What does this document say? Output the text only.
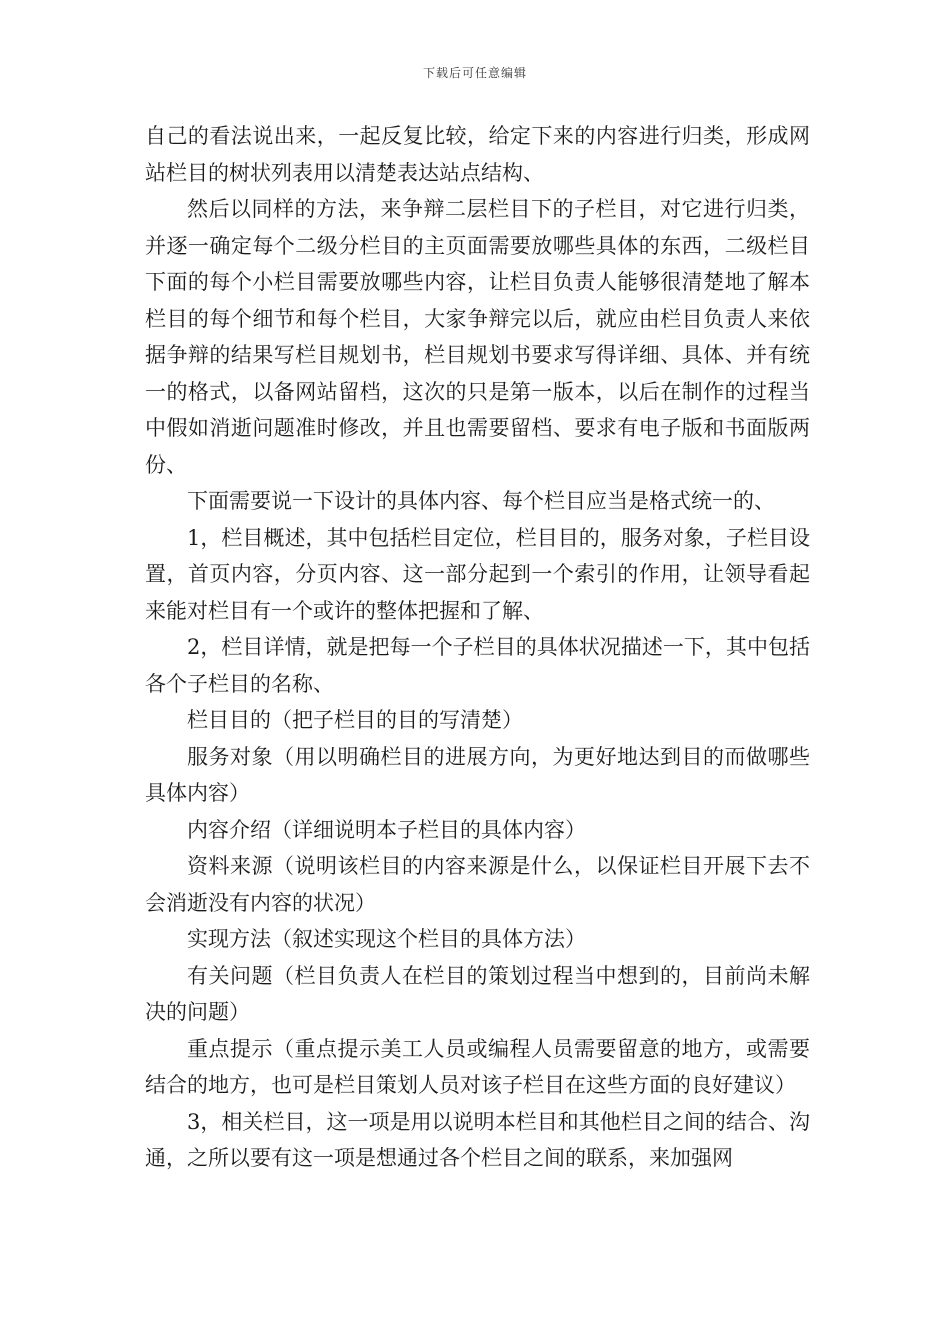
下载后可任意编辑

自己的看法说出来，一起反复比较，给定下来的内容进行归类，形成网站栏目的树状列表用以清楚表达站点结构、

然后以同样的方法，来争辩二层栏目下的子栏目，对它进行归类，并逐一确定每个二级分栏目的主页面需要放哪些具体的东西，二级栏目下面的每个小栏目需要放哪些内容，让栏目负责人能够很清楚地了解本栏目的每个细节和每个栏目，大家争辩完以后，就应由栏目负责人来依据争辩的结果写栏目规划书，栏目规划书要求写得详细、具体、并有统一的格式，以备网站留档，这次的只是第一版本，以后在制作的过程当中假如消逝问题准时修改，并且也需要留档、要求有电子版和书面版两份、

下面需要说一下设计的具体内容、每个栏目应当是格式统一的、

1，栏目概述，其中包括栏目定位，栏目目的，服务对象，子栏目设置，首页内容，分页内容、这一部分起到一个索引的作用，让领导看起来能对栏目有一个或许的整体把握和了解、

2，栏目详情，就是把每一个子栏目的具体状况描述一下，其中包括各个子栏目的名称、

栏目目的（把子栏目的目的写清楚）

服务对象（用以明确栏目的进展方向，为更好地达到目的而做哪些具体内容）

内容介绍（详细说明本子栏目的具体内容）

资料来源（说明该栏目的内容来源是什么，以保证栏目开展下去不会消逝没有内容的状况）

实现方法（叙述实现这个栏目的具体方法）

有关问题（栏目负责人在栏目的策划过程当中想到的，目前尚未解决的问题）

重点提示（重点提示美工人员或编程人员需要留意的地方，或需要结合的地方，也可是栏目策划人员对该子栏目在这些方面的良好建议）

3，相关栏目，这一项是用以说明本栏目和其他栏目之间的结合、沟通，之所以要有这一项是想通过各个栏目之间的联系，来加强网
